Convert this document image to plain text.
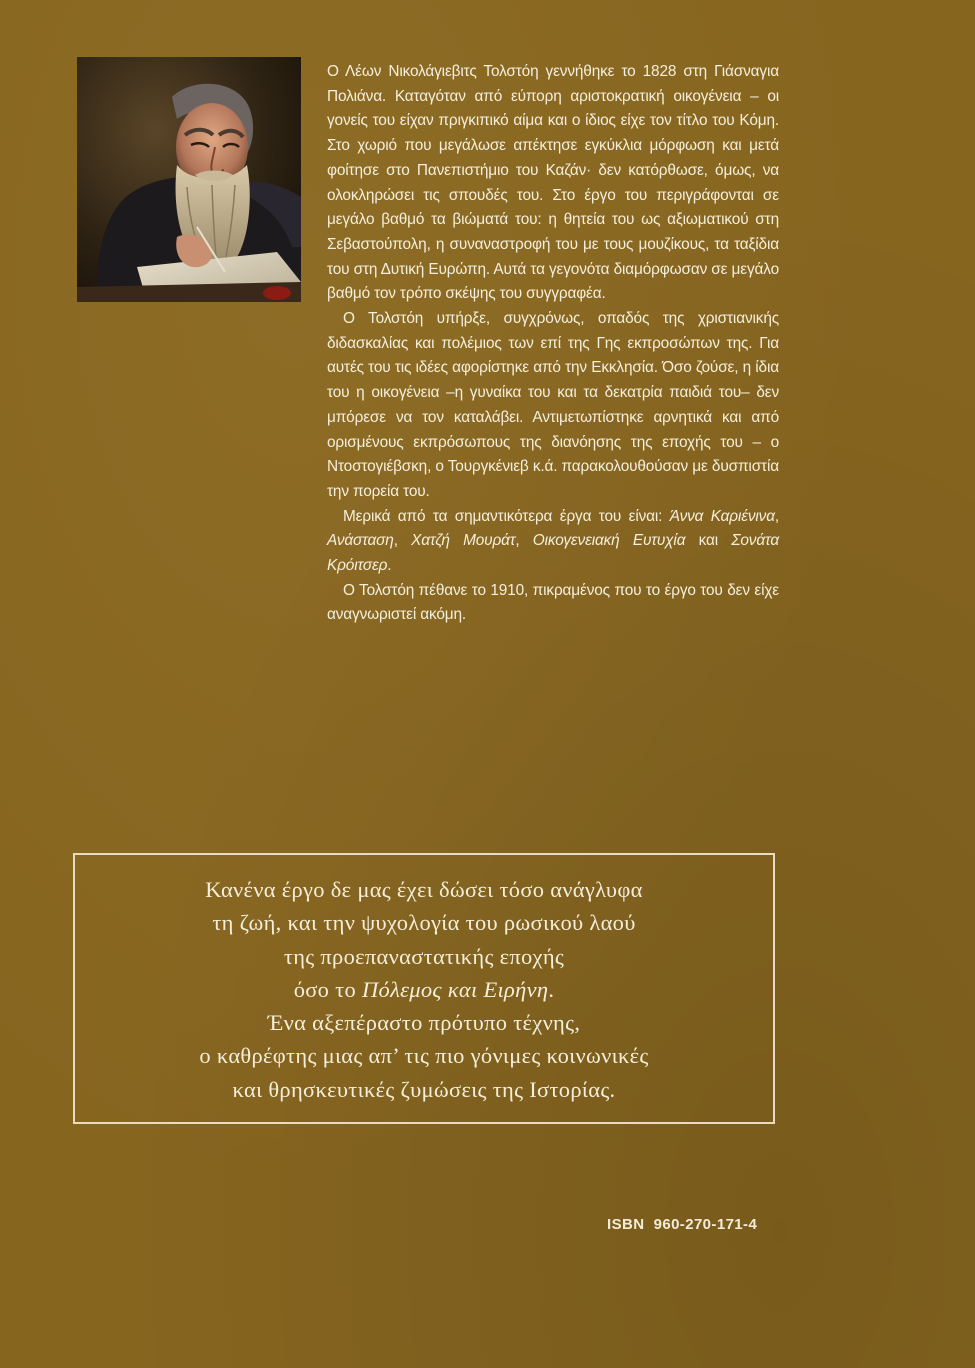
Ο Λέων Νικολάγιεβιτς Τολστόη γεννήθηκε το 1828 στη Γιάσναγια Πολιάνα. Καταγόταν από εύπορη αριστοκρατική οικογένεια – οι γονείς του είχαν πριγκιπικό αίμα και ο ίδιος είχε τον τίτλο του Κόμη. Στο χωριό που μεγάλωσε απέκτησε εγκύκλια μόρφωση και μετά φοίτησε στο Πανεπιστήμιο του Καζάν· δεν κατόρθωσε, όμως, να ολοκληρώσει τις σπουδές του. Στο έργο του περιγράφονται σε μεγάλο βαθμό τα βιώματά του: η θητεία του ως αξιωματικού στη Σεβαστούπολη, η συναναστροφή του με τους μουζίκους, τα ταξίδια του στη Δυτική Ευρώπη. Αυτά τα γεγονότα διαμόρφωσαν σε μεγάλο βαθμό τον τρόπο σκέψης του συγγραφέα.

Ο Τολστόη υπήρξε, συγχρόνως, οπαδός της χριστιανικής διδασκαλίας και πολέμιος των επί της Γης εκπροσώπων της. Για αυτές του τις ιδέες αφορίστηκε από την Εκκλησία. Όσο ζούσε, η ίδια του η οικογένεια –η γυναίκα του και τα δεκατρία παιδιά του– δεν μπόρεσε να τον καταλάβει. Αντιμετωπίστηκε αρνητικά και από ορισμένους εκπρόσωπους της διανόησης της εποχής του – ο Ντοστογιέβσκη, ο Τουργκένιεβ κ.ά. παρακολουθούσαν με δυσπιστία την πορεία του.

Μερικά από τα σημαντικότερα έργα του είναι: Άννα Καριένινα, Ανάσταση, Χατζή Μουράτ, Οικογενειακή Ευτυχία και Σονάτα Κρόιτσερ.

Ο Τολστόη πέθανε το 1910, πικραμένος που το έργο του δεν είχε αναγνωριστεί ακόμη.

Κανένα έργο δε μας έχει δώσει τόσο ανάγλυφα
τη ζωή, και την ψυχολογία του ρωσικού λαού
της προεπαναστατικής εποχής
όσο το Πόλεμος και Ειρήνη.
Ένα αξεπέραστο πρότυπο τέχνης,
ο καθρέφτης μιας απ’ τις πιο γόνιμες κοινωνικές
και θρησκευτικές ζυμώσεις της Ιστορίας.
ISBN 960-270-171-4
